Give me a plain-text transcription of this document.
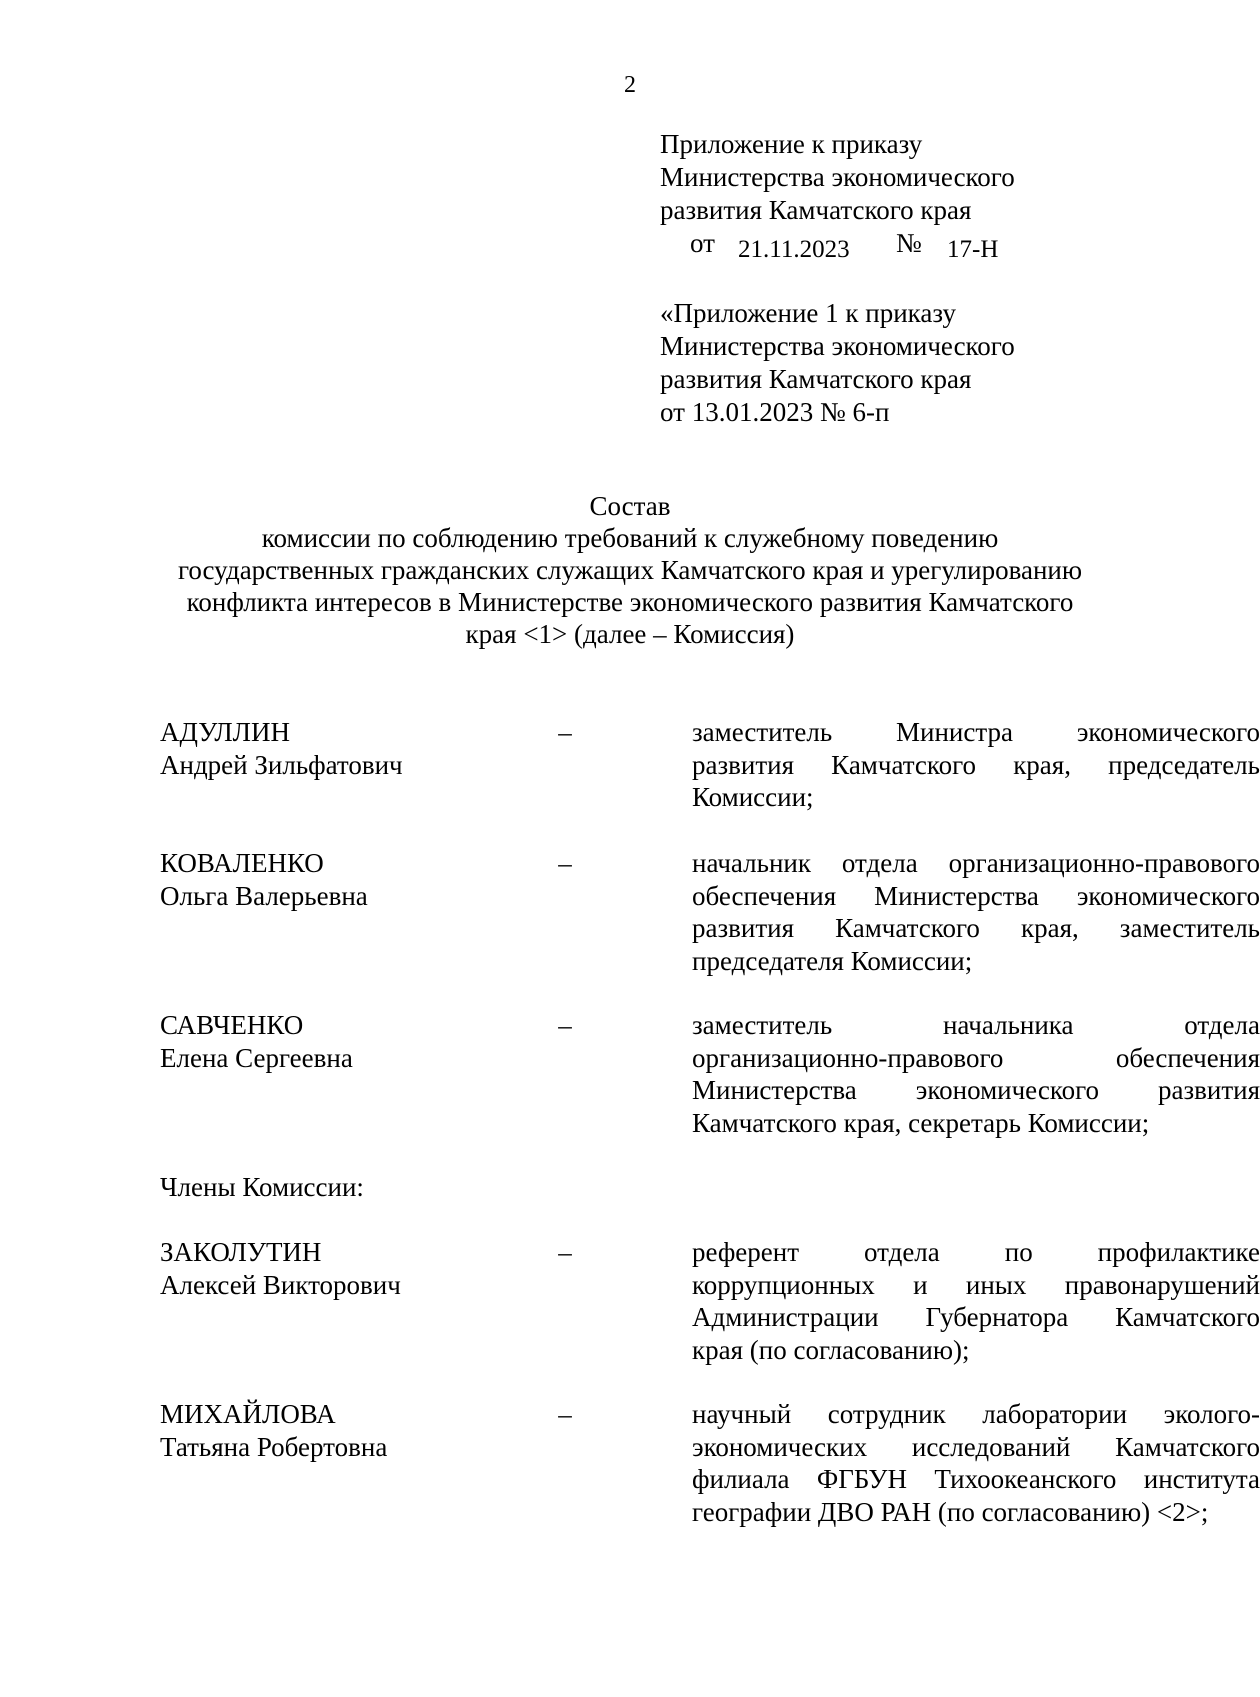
2
Приложение к приказу
Министерства экономического
развития Камчатского края
от 21.11.2023 № 17-Н
«Приложение 1 к приказу
Министерства экономического
развития Камчатского края
от 13.01.2023 № 6-п
Состав
комиссии по соблюдению требований к служебному поведению
государственных гражданских служащих Камчатского края и урегулированию
конфликта интересов в Министерстве экономического развития Камчатского
края <1> (далее – Комиссия)
АДУЛЛИН
Андрей Зильфатович
–	заместитель Министра экономического
развития Камчатского края, председатель
Комиссии;
КОВАЛЕНКО
Ольга Валерьевна
–	начальник отдела организационно-правового
обеспечения Министерства экономического
развития Камчатского края, заместитель
председателя Комиссии;
САВЧЕНКО
Елена Сергеевна
–	заместитель	начальника	отдела
организационно-правового	обеспечения
Министерства экономического развития
Камчатского края, секретарь Комиссии;
Члены Комиссии:
ЗАКОЛУТИН
Алексей Викторович
–	референт отдела по профилактике
коррупционных и иных правонарушений
Администрации Губернатора Камчатского
края (по согласованию);
МИХАЙЛОВА
Татьяна Робертовна
–	научный сотрудник лаборатории эколого-
экономических исследований Камчатского
филиала ФГБУН Тихоокеанского института
географии ДВО РАН (по согласованию) <2>;
